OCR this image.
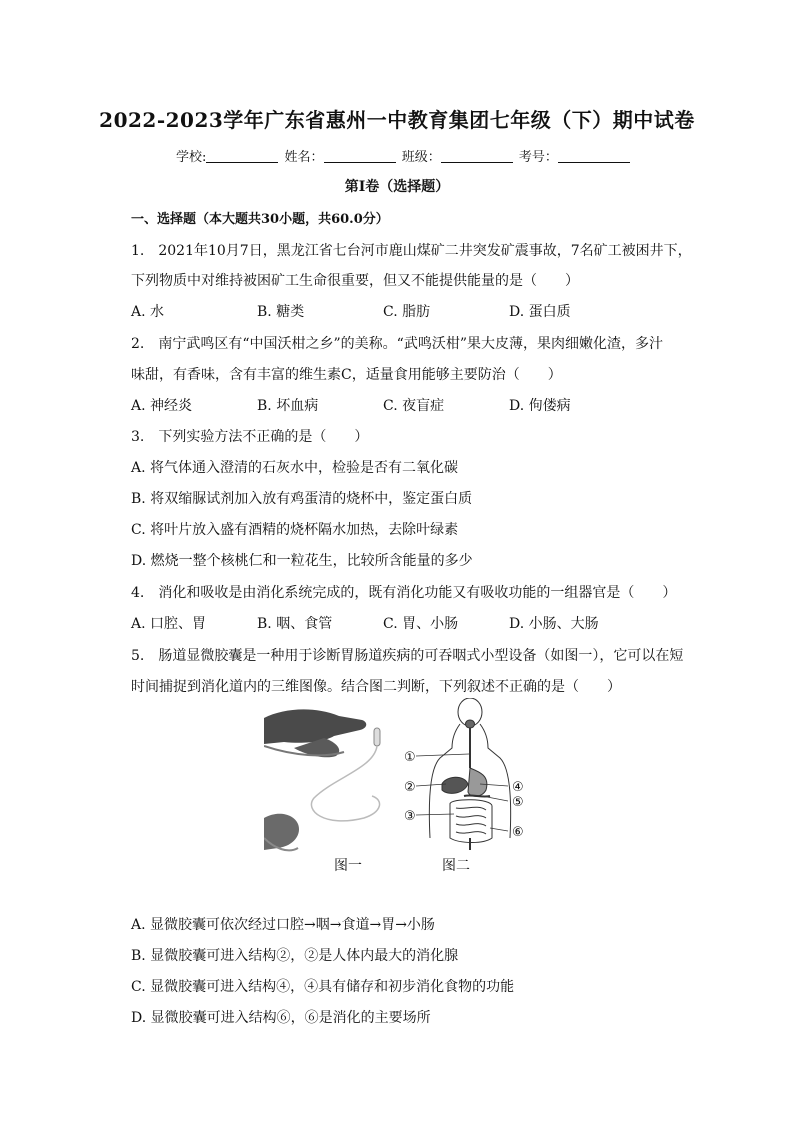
2022-2023学年广东省惠州一中教育集团七年级（下）期中试卷
学校:	姓名：	班级：	考号：
第I卷（选择题）
一、选择题（本大题共30小题，共60.0分）
1.　2021年10月7日，黑龙江省七台河市鹿山煤矿二井突发矿震事故，7名矿工被困井下，
下列物质中对维持被困矿工生命很重要，但又不能提供能量的是（　　）
A. 水	B. 糖类	C. 脂肪	D. 蛋白质
2.　南宁武鸣区有“中国沃柑之乡”的美称。“武鸣沃柑”果大皮薄，果肉细嫩化渣，多汁
味甜，有香味，含有丰富的维生素C，适量食用能够主要防治（　　）
A. 神经炎	B. 坏血病	C. 夜盲症	D. 佝偻病
3.　下列实验方法不正确的是（　　）
A. 将气体通入澄清的石灰水中，检验是否有二氧化碳
B. 将双缩脲试剂加入放有鸡蛋清的烧杯中，鉴定蛋白质
C. 将叶片放入盛有酒精的烧杯隔水加热，去除叶绿素
D. 燃烧一整个核桃仁和一粒花生，比较所含能量的多少
4.　消化和吸收是由消化系统完成的，既有消化功能又有吸收功能的一组器官是（　　）
A. 口腔、胃	B. 咽、食管	C. 胃、小肠	D. 小肠、大肠
5.　肠道显微胶囊是一种用于诊断胃肠道疾病的可吞咽式小型设备（如图一），它可以在短
时间捕捉到消化道内的三维图像。结合图二判断，下列叙述不正确的是（　　）
①
②
③
④
⑤
⑥
图一	图二
A. 显微胶囊可依次经过口腔→咽→食道→胃→小肠
B. 显微胶囊可进入结构②，②是人体内最大的消化腺
C. 显微胶囊可进入结构④，④具有储存和初步消化食物的功能
D. 显微胶囊可进入结构⑥，⑥是消化的主要场所
